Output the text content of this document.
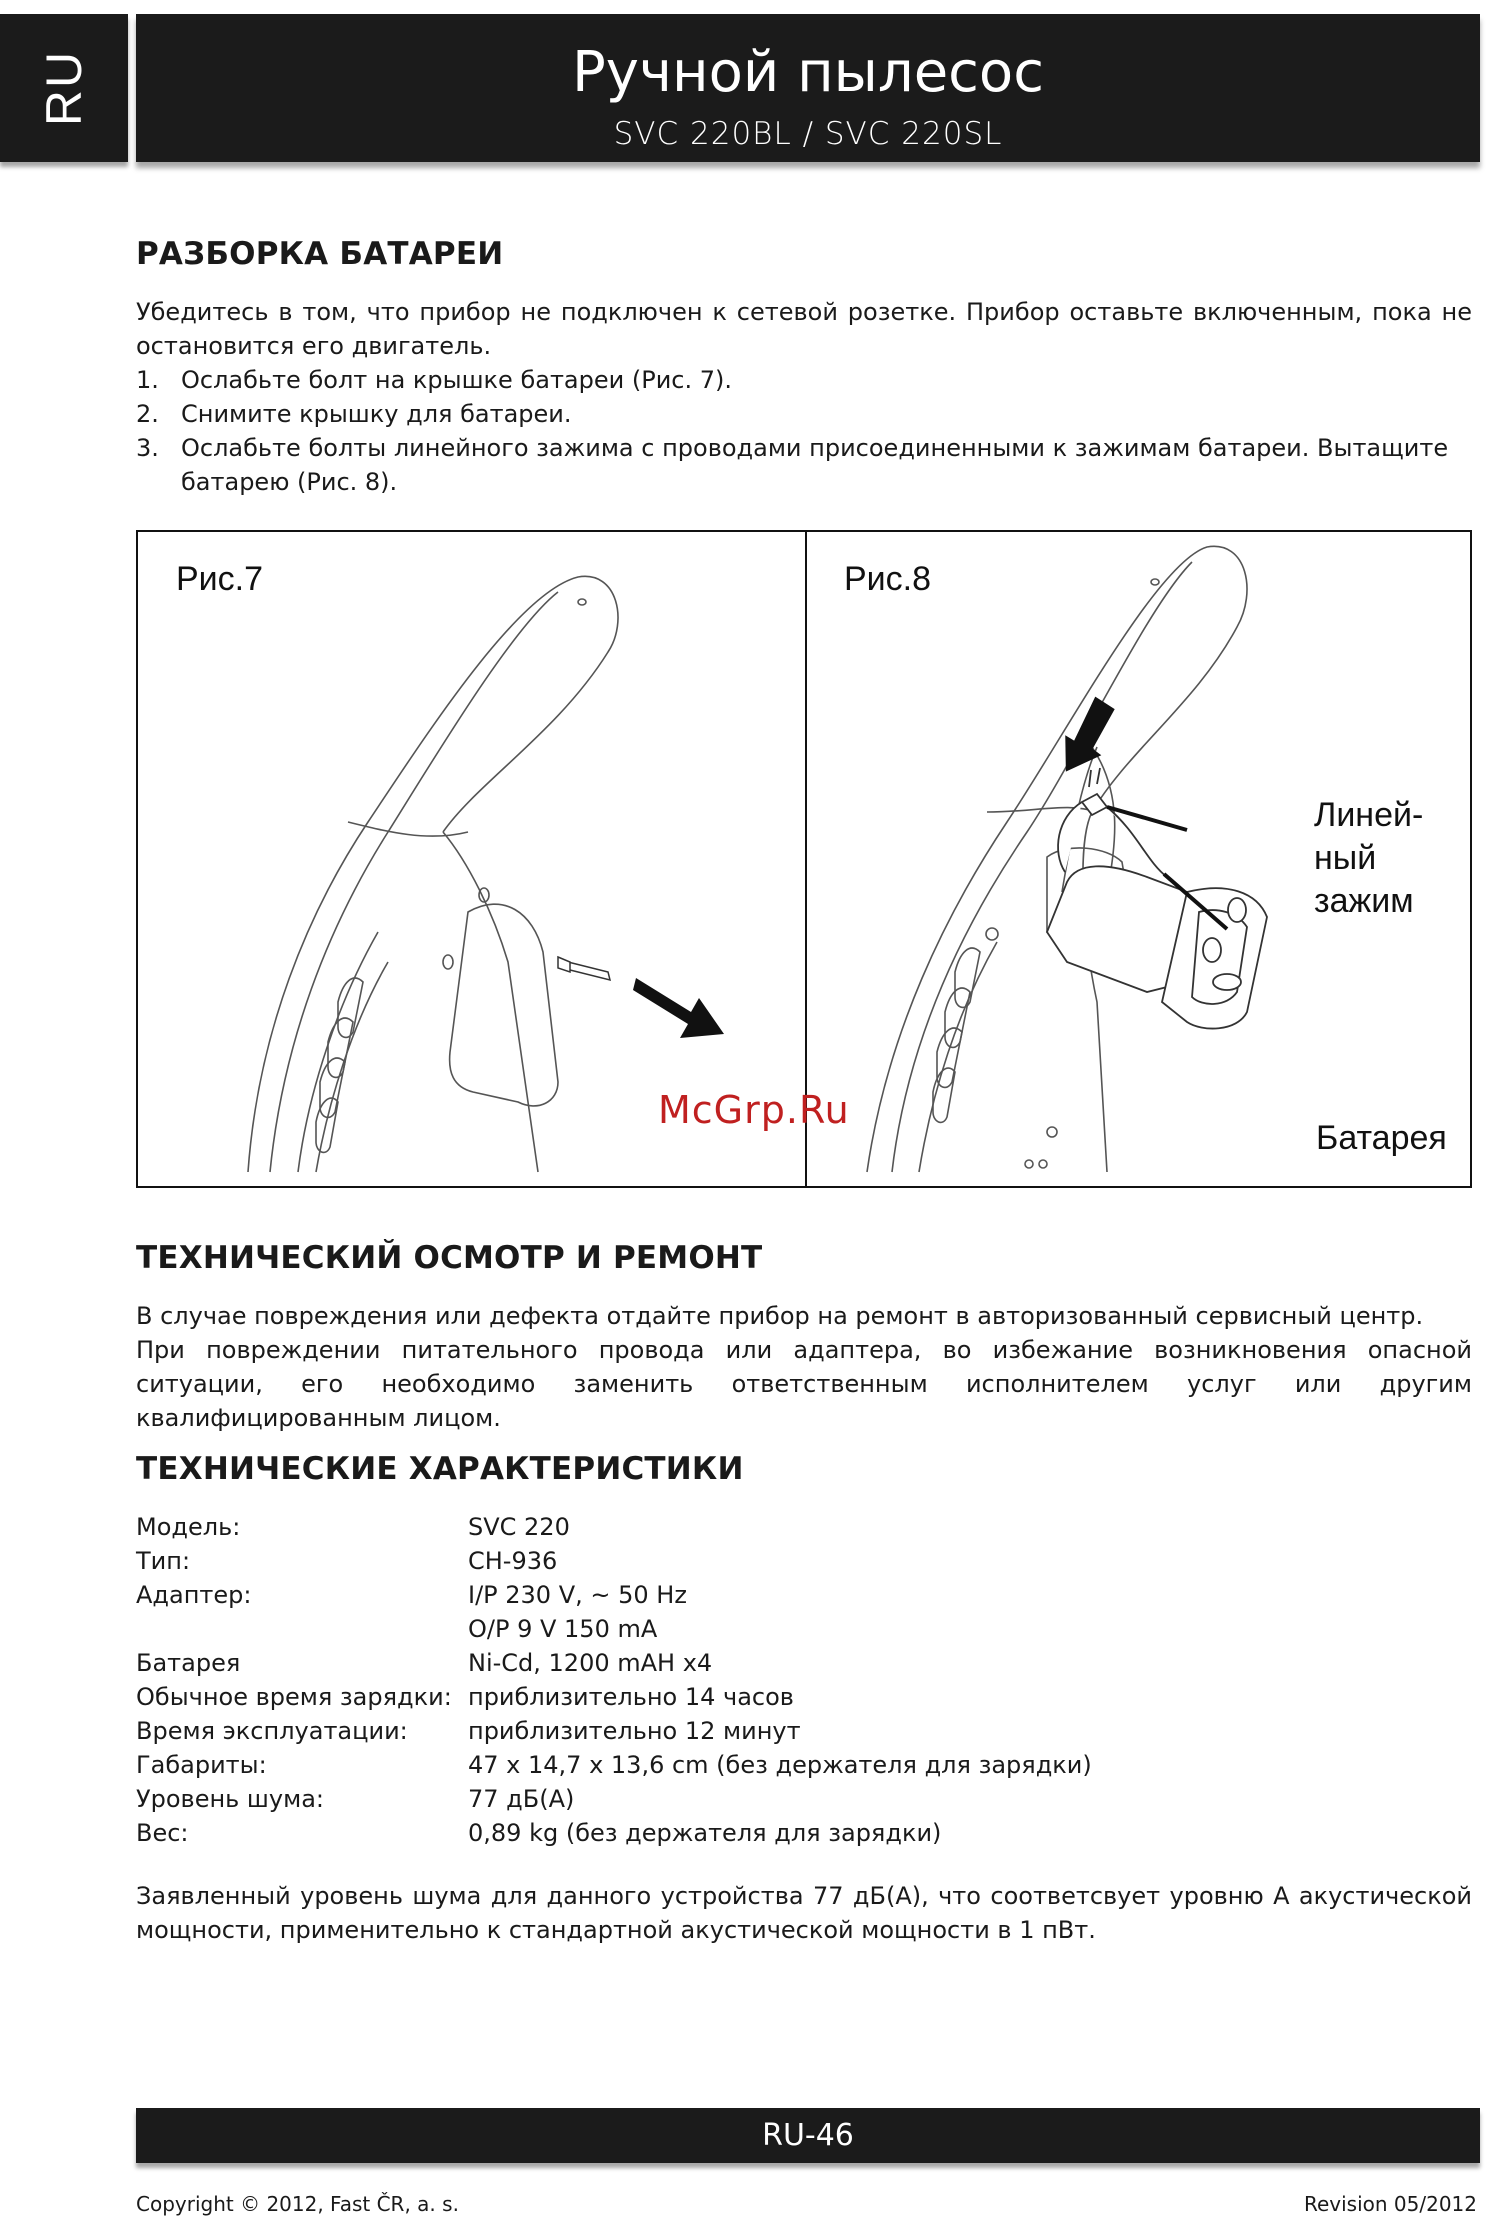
RU	Ручной пылесос
SVC 220BL / SVC 220SL
РАЗБОРКА БАТАРЕИ

Убедитесь в том, что прибор не подключен к сетевой розетке. Прибор оставьте включенным, пока не остановится его двигатель.

1. Ослабьте болт на крышке батареи (Рис. 7).
2. Снимите крышку для батареи.
3. Ослабьте болты линейного зажима с проводами присоединенными к зажимам батареи. Вытащите батарею (Рис. 8).
Рис.7	Рис.8
Линей-
ный
зажим
Батарея
McGrp.Ru
ТЕХНИЧЕСКИЙ ОСМОТР И РЕМОНТ

В случае повреждения или дефекта отдайте прибор на ремонт в авторизованный сервисный центр.

При повреждении питательного провода или адаптера, во избежание возникновения опасной ситуации, его необходимо заменить ответственным исполнителем услуг или другим квалифицированным лицом.

ТЕХНИЧЕСКИЕ ХАРАКТЕРИСТИКИ
Модель:	SVC 220
Тип:	CH-936
Адаптер:	I/P 230 V, ~ 50 Hz
O/P 9 V 150 mA
Батарея	Ni-Cd, 1200 mAH x4
Обычное время зарядки: приблизительно 14 часов
Время эксплуатации:	приблизительно 12 минут
Габариты:	47 x 14,7 x 13,6 cm (без держателя для зарядки)
Уровень шума:	77 дБ(А)
Вес:	0,89 kg (без держателя для зарядки)

Заявленный уровень шума для данного устройства 77 дБ(А), что соответсвует уровню А акустической мощности, применительно к стандартной акустической мощности в 1 пВт.

RU-46
Copyright © 2012, Fast ČR, a. s.	Revision 05/2012
